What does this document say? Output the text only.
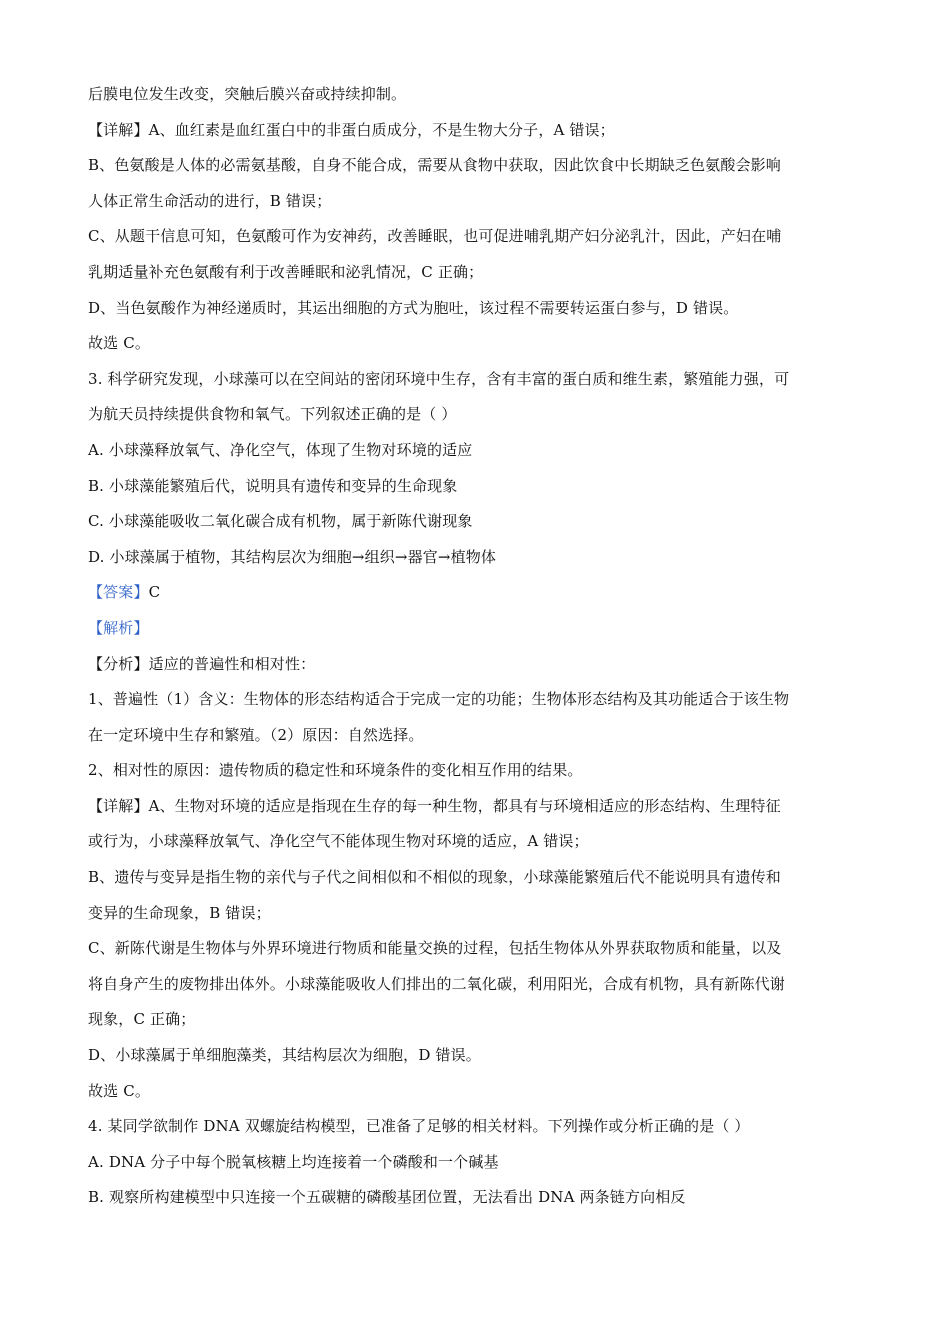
后膜电位发生改变，突触后膜兴奋或持续抑制。
【详解】A、血红素是血红蛋白中的非蛋白质成分，不是生物大分子，A 错误；
B、色氨酸是人体的必需氨基酸，自身不能合成，需要从食物中获取，因此饮食中长期缺乏色氨酸会影响
人体正常生命活动的进行，B 错误；
C、从题干信息可知，色氨酸可作为安神药，改善睡眠，也可促进哺乳期产妇分泌乳汁，因此，产妇在哺
乳期适量补充色氨酸有利于改善睡眠和泌乳情况，C 正确；
D、当色氨酸作为神经递质时，其运出细胞的方式为胞吐，该过程不需要转运蛋白参与，D 错误。
故选 C。
3. 科学研究发现，小球藻可以在空间站的密闭环境中生存，含有丰富的蛋白质和维生素，繁殖能力强，可
为航天员持续提供食物和氧气。下列叙述正确的是（ ）
A. 小球藻释放氧气、净化空气，体现了生物对环境的适应
B. 小球藻能繁殖后代，说明具有遗传和变异的生命现象
C. 小球藻能吸收二氧化碳合成有机物，属于新陈代谢现象
D. 小球藻属于植物，其结构层次为细胞→组织→器官→植物体
【答案】C
【解析】
【分析】适应的普遍性和相对性：
1、普遍性（1）含义：生物体的形态结构适合于完成一定的功能；生物体形态结构及其功能适合于该生物
在一定环境中生存和繁殖。（2）原因：自然选择。
2、相对性的原因：遗传物质的稳定性和环境条件的变化相互作用的结果。
【详解】A、生物对环境的适应是指现在生存的每一种生物，都具有与环境相适应的形态结构、生理特征
或行为，小球藻释放氧气、净化空气不能体现生物对环境的适应，A 错误；
B、遗传与变异是指生物的亲代与子代之间相似和不相似的现象，小球藻能繁殖后代不能说明具有遗传和
变异的生命现象，B 错误；
C、新陈代谢是生物体与外界环境进行物质和能量交换的过程，包括生物体从外界获取物质和能量，以及
将自身产生的废物排出体外。小球藻能吸收人们排出的二氧化碳，利用阳光，合成有机物，具有新陈代谢
现象，C 正确；
D、小球藻属于单细胞藻类，其结构层次为细胞，D 错误。
故选 C。
4. 某同学欲制作 DNA 双螺旋结构模型，已准备了足够的相关材料。下列操作或分析正确的是（ ）
A. DNA 分子中每个脱氧核糖上均连接着一个磷酸和一个碱基
B. 观察所构建模型中只连接一个五碳糖的磷酸基团位置，无法看出 DNA 两条链方向相反
